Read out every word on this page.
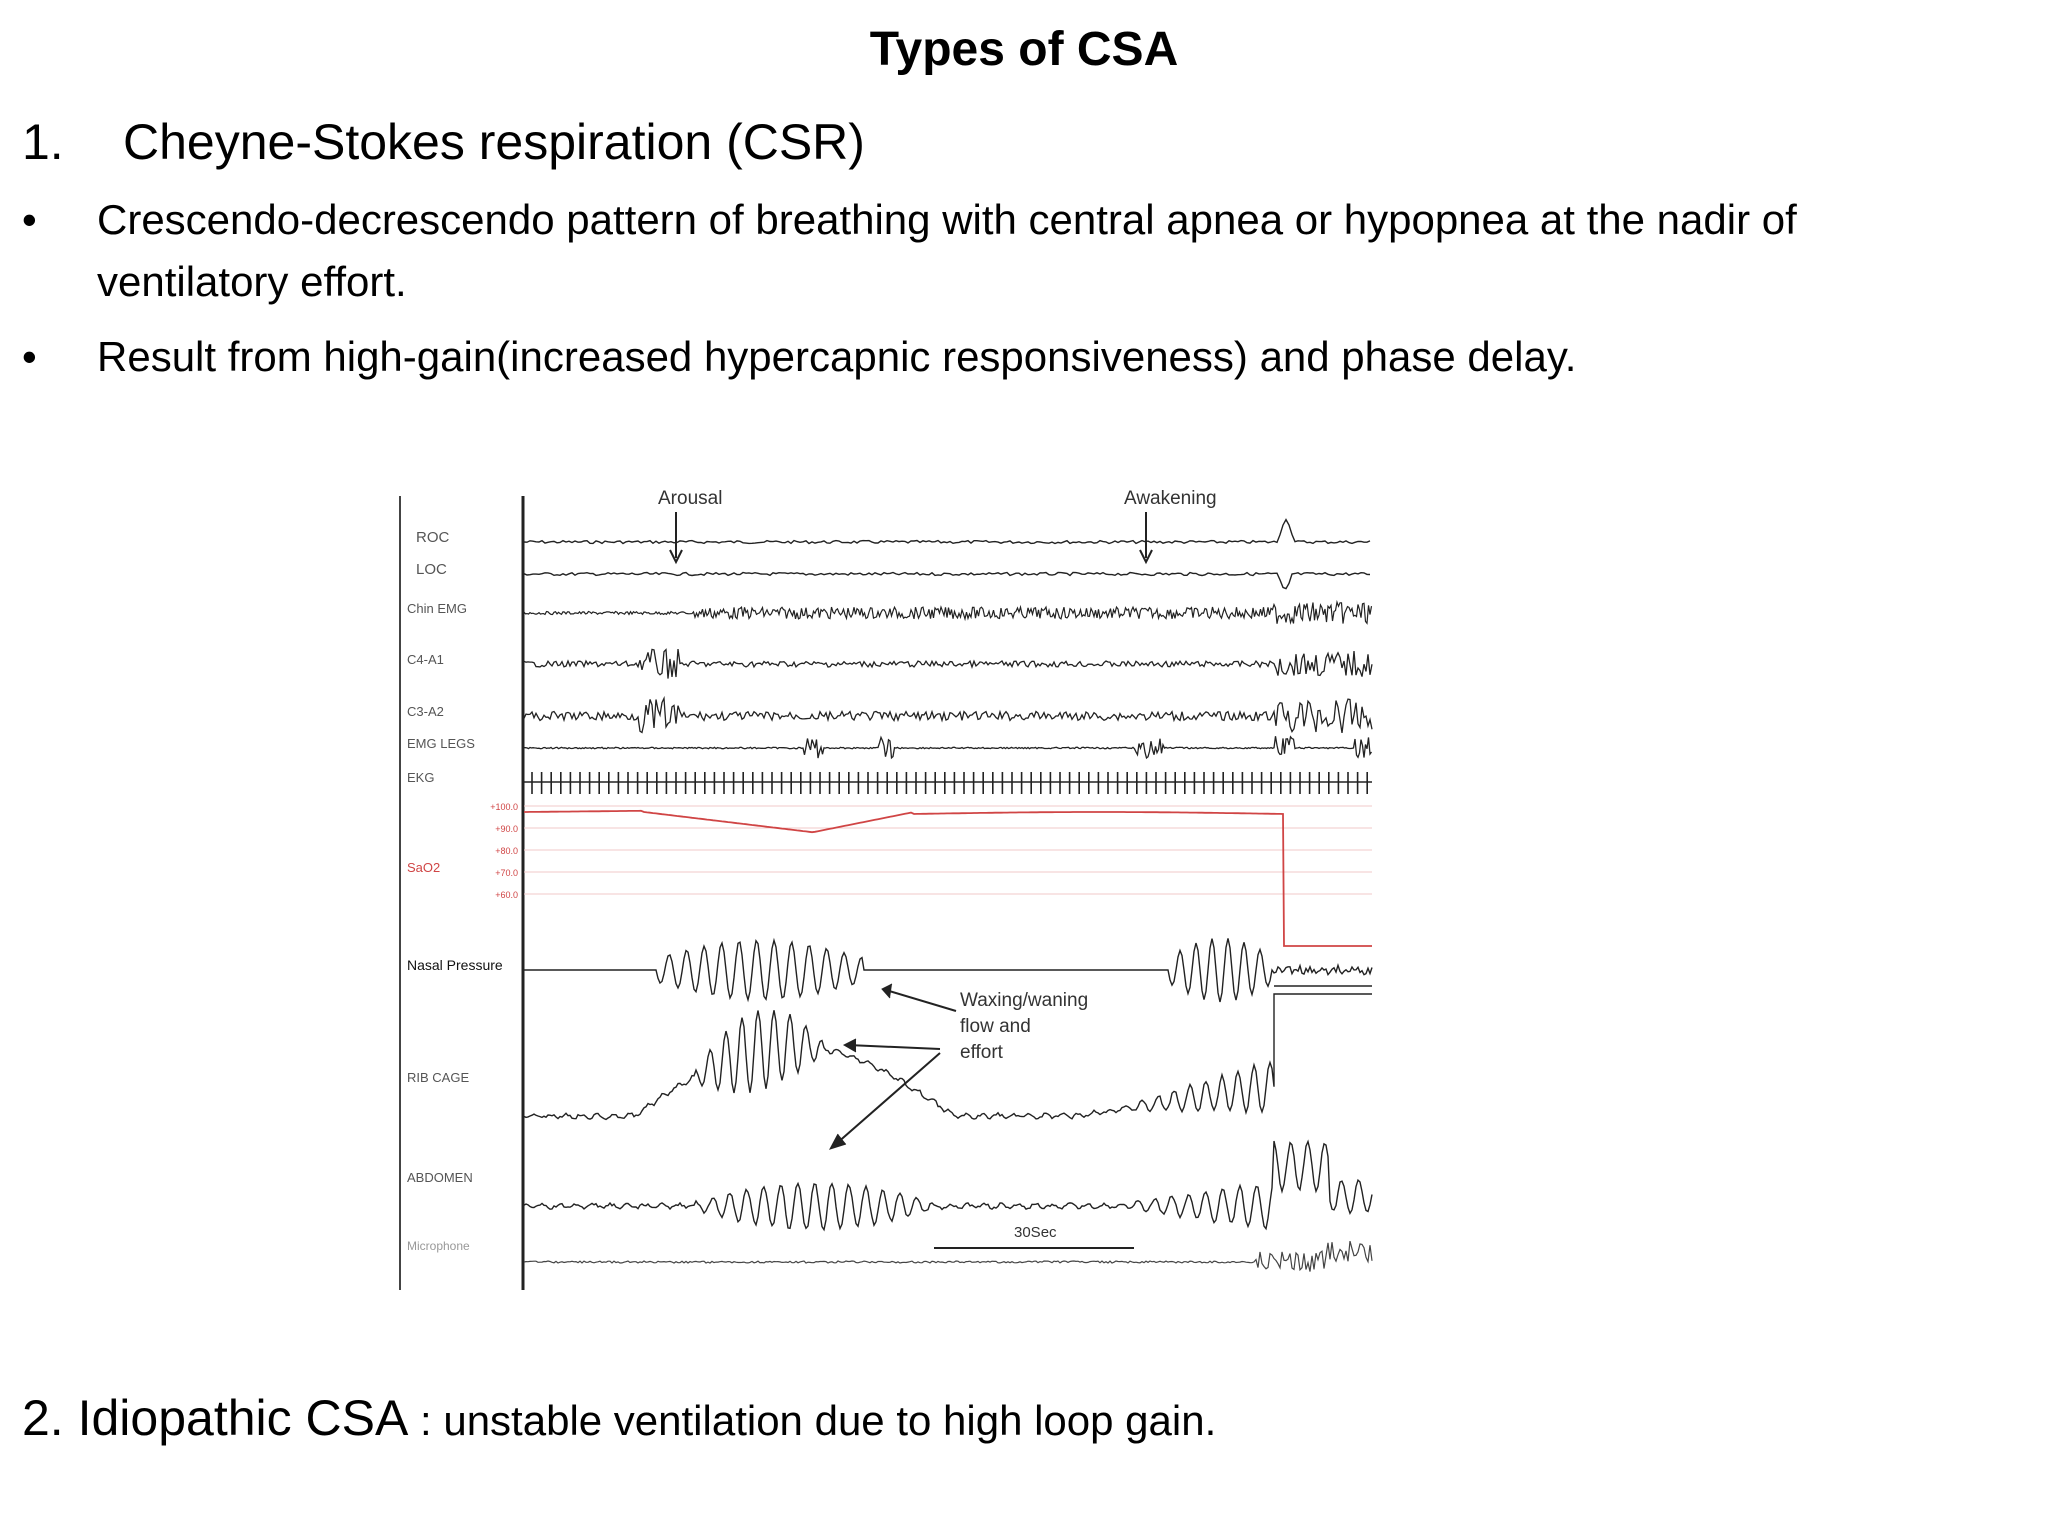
Types of CSA
1. Cheyne-Stokes respiration (CSR)
• Crescendo-decrescendo pattern of breathing with central apnea or hypopnea at the nadir of
ventilatory effort.
• Result from high-gain(increased hypercapnic responsiveness) and phase delay.
Arousal	Awakening
Waxing/waning
flow and
effort
30Sec
ROC
LOC
Chin EMG
C4-A1
C3-A2
EMG LEGS
EKG
SaO2
Nasal Pressure
RIB CAGE
ABDOMEN
Microphone
+100.0
+90.0
+80.0
+70.0
+60.0
2. Idiopathic CSA : unstable ventilation due to high loop gain.
